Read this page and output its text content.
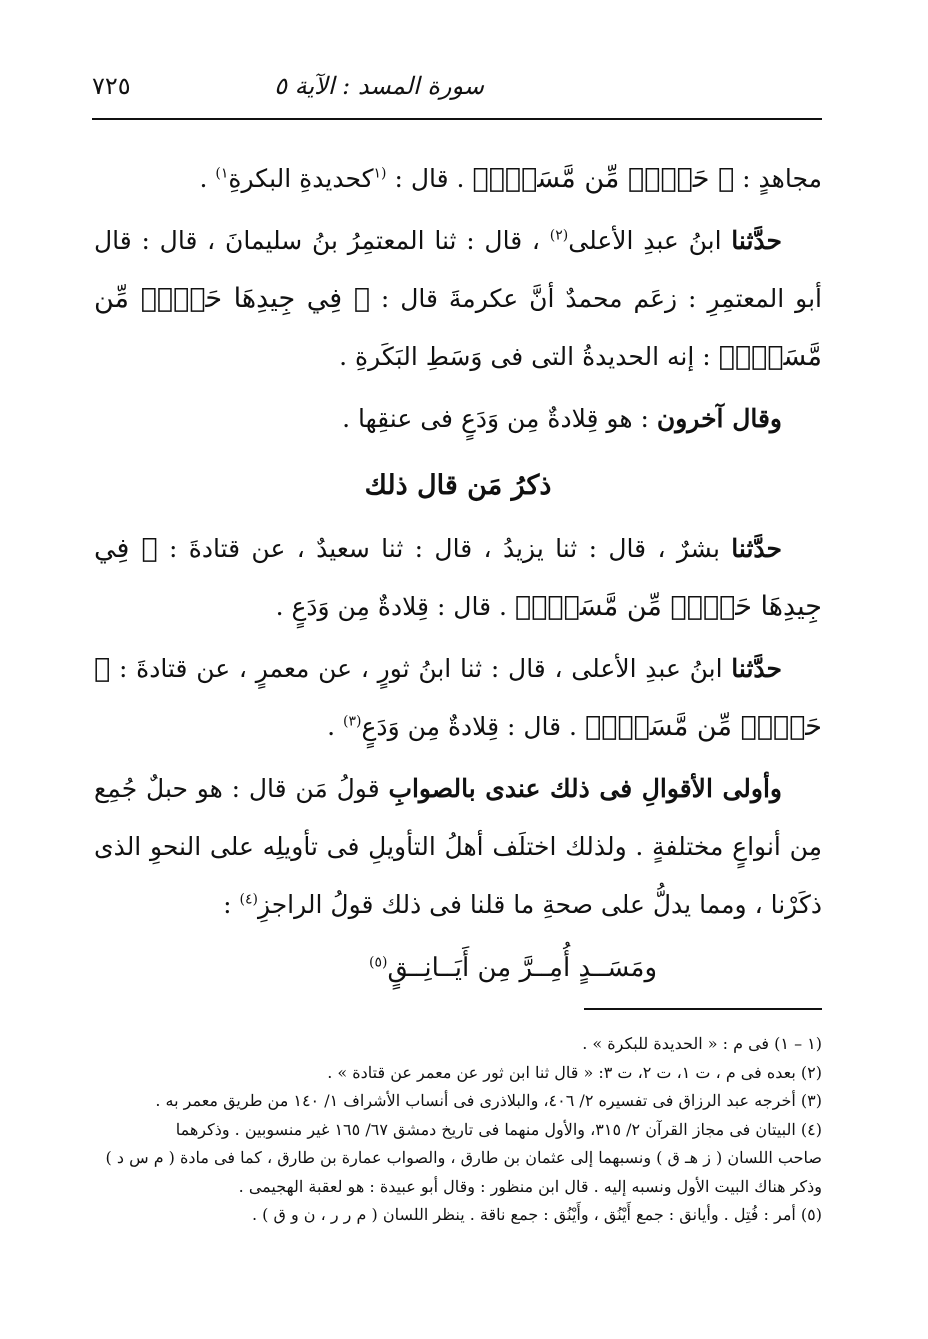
٧٢٥	سورة المسد : الآية ٥

مجاهدٍ : ﴿ حَبۡلٞ مِّن مَّسَدِۭ﴾ . قال : $^{(١}$كحديدةِ البكرةِ$^{١)}$ .

حدَّثنا ابنُ عبدِ الأعلى$^{(٢)}$ ، قال : ثنا المعتمِرُ بنُ سليمانَ ، قال : قال أبو المعتمِرِ : زعَم محمدٌ أنَّ عكرمةَ قال : ﴿ فِي جِيدِهَا حَبۡلٞ مِّن مَّسَدِۭ﴾ : إنه الحديدةُ التى فى وَسَطِ البَكَرةِ .

وقال آخرون : هو قِلادةٌ مِن وَدَعٍ فى عنقِها .

ذكرُ مَن قال ذلك

حدَّثنا بشرٌ ، قال : ثنا يزيدُ ، قال : ثنا سعيدٌ ، عن قتادةَ : ﴿ فِي جِيدِهَا حَبۡلٞ مِّن مَّسَدِۭ﴾ . قال : قِلادةٌ مِن وَدَعٍ .

حدَّثنا ابنُ عبدِ الأعلى ، قال : ثنا ابنُ ثورٍ ، عن معمرٍ ، عن قتادةَ : ﴿ حَبۡلٞ مِّن مَّسَدِۭ﴾ . قال : قِلادةٌ مِن وَدَعٍ$^{(٣)}$ .

وأولى الأقوالِ فى ذلك عندى بالصوابِ قولُ مَن قال : هو حبلٌ جُمِع مِن أنواعٍ مختلفةٍ . ولذلك اختلَف أهلُ التأويلِ فى تأويلِه على النحوِ الذى ذكَرْنا ، ومما يدلُّ على صحةِ ما قلنا فى ذلك قولُ الراجزِ$^{(٤)}$ :

ومَسَــدٍ أُمِــرَّ مِن أَيَــانِــقٍ$^{(٥)}$

(١ – ١) فى م : « الحديدة للبكرة » .

(٢) بعده فى م ، ت ١، ت ٢، ت ٣: « قال ثنا ابن ثور عن معمر عن قتادة » .

(٣) أخرجه عبد الرزاق فى تفسيره ٢/ ٤٠٦، والبلاذرى فى أنساب الأشراف ١/ ١٤٠ من طريق معمر به .

(٤) البيتان فى مجاز القرآن ٢/ ٣١٥، والأول منهما فى تاريخ دمشق ٦٧/ ١٦٥ غير منسوبين . وذكرهما

صاحب اللسان ( ز هـ ق ) ونسبهما إلى عثمان بن طارق ، والصواب عمارة بن طارق ، كما فى مادة ( م س د )

وذكر هناك البيت الأول ونسبه إليه . قال ابن منظور : وقال أبو عبيدة : هو لعقبة الهجيمى .

(٥) أمر : فُتِل . وأيانق : جمع أَيْنُق ، وأَيْنُق : جمع ناقة . ينظر اللسان ( م ر ر ، ن و ق ) .
